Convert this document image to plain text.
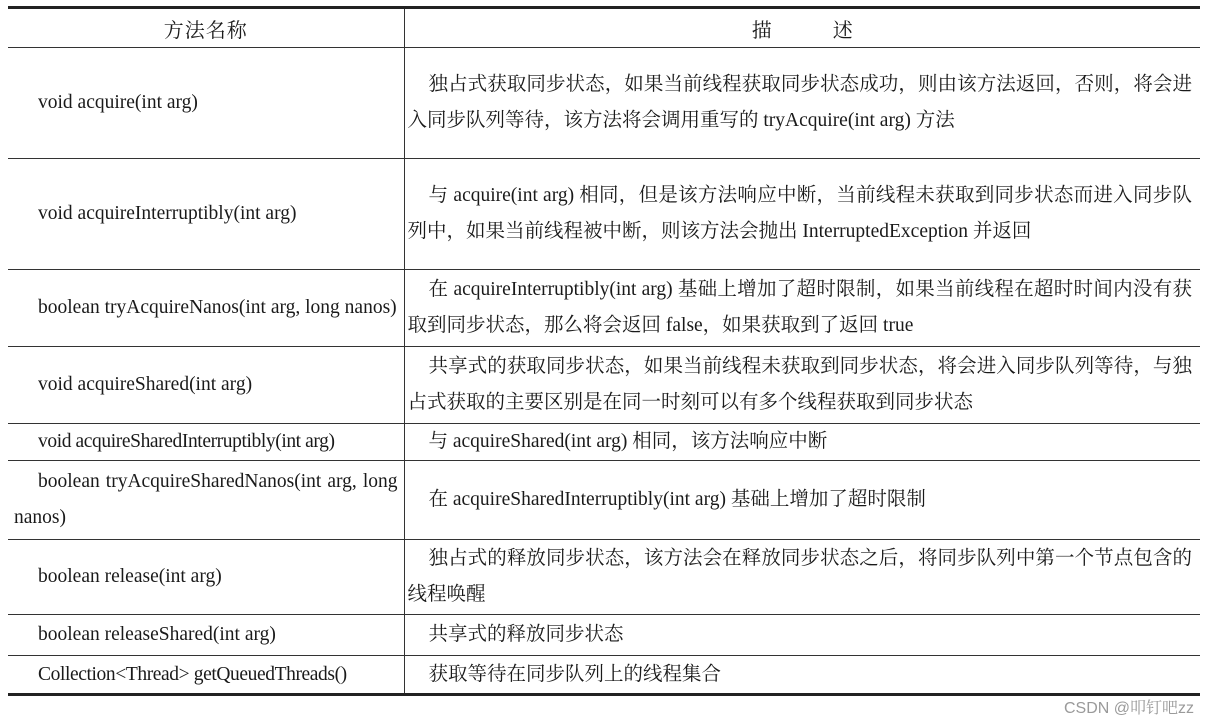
方法名称	描 述

void acquire(int arg)	独占式获取同步状态，如果当前线程获取同步状态成功，则由该方法返回，否则，将会进入同步队列等待，该方法将会调用重写的 tryAcquire(int arg) 方法

void acquireInterruptibly(int arg)	与 acquire(int arg) 相同，但是该方法响应中断，当前线程未获取到同步状态而进入同步队列中，如果当前线程被中断，则该方法会抛出 InterruptedException 并返回

boolean tryAcquireNanos(int arg, long nanos)	在 acquireInterruptibly(int arg) 基础上增加了超时限制，如果当前线程在超时时间内没有获取到同步状态，那么将会返回 false，如果获取到了返回 true

void acquireShared(int arg)	共享式的获取同步状态，如果当前线程未获取到同步状态，将会进入同步队列等待，与独占式获取的主要区别是在同一时刻可以有多个线程获取到同步状态

void acquireSharedInterruptibly(int arg)	与 acquireShared(int arg) 相同，该方法响应中断

boolean tryAcquireSharedNanos(int arg, long nanos)	在 acquireSharedInterruptibly(int arg) 基础上增加了超时限制

boolean release(int arg)	独占式的释放同步状态，该方法会在释放同步状态之后，将同步队列中第一个节点包含的线程唤醒

boolean releaseShared(int arg)	共享式的释放同步状态

Collection<Thread> getQueuedThreads()	获取等待在同步队列上的线程集合
CSDN @叩钉吧zz
